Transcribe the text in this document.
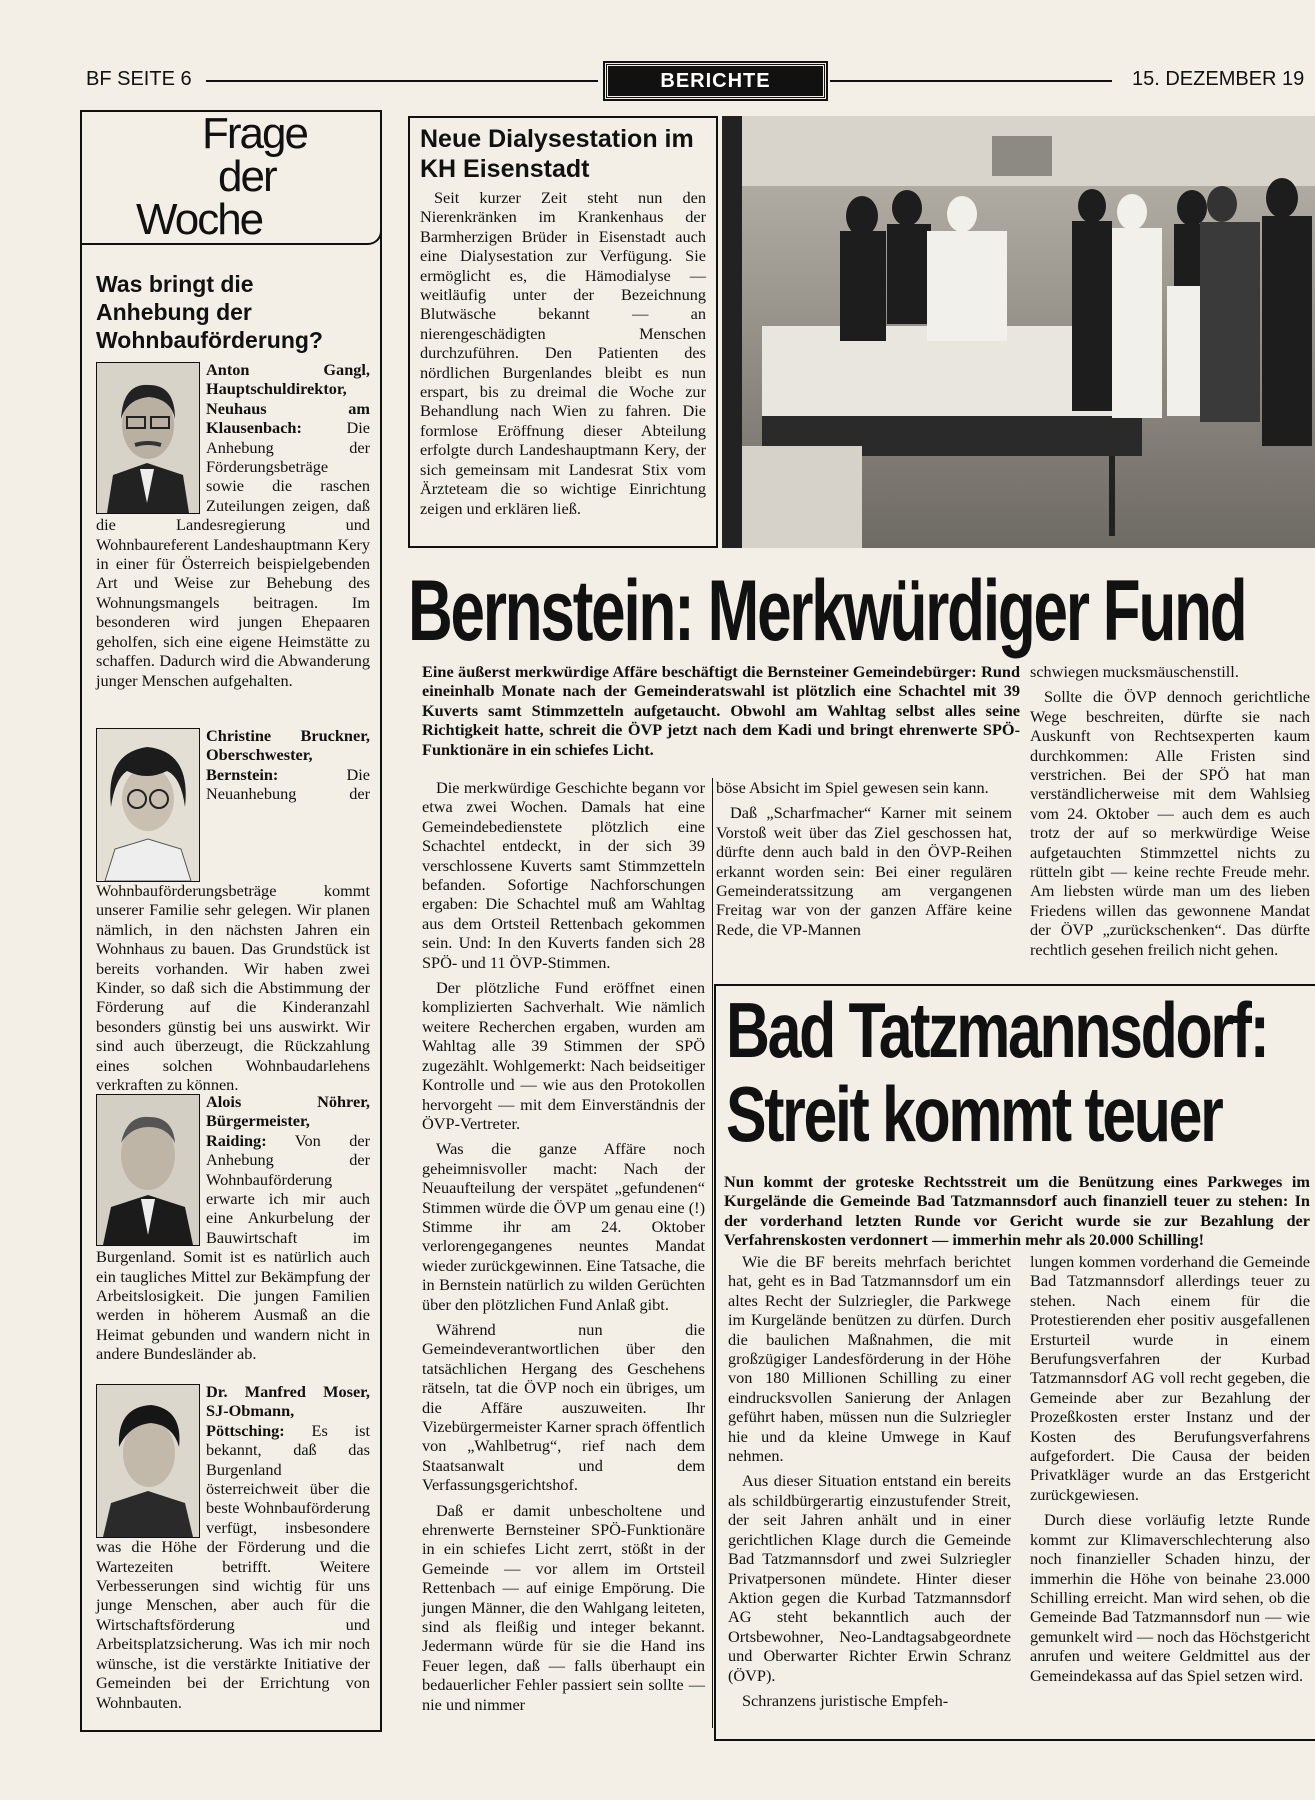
BF SEITE 6	BERICHTE	15. DEZEMBER 19
Frage
der
Woche
Was bringt die Anhebung der Wohnbauförderung?
Anton Gangl, Hauptschuldirektor, Neuhaus am Klausenbach:	Die Anhebung der Förderungsbeträge sowie die raschen Zuteilungen zeigen, daß die Landesregierung und Wohnbaureferent Landeshauptmann Kery in einer für Österreich beispielgebenden Art und Weise zur Behebung des Wohnungsmangels beitragen. Im besonderen wird jungen Ehepaaren geholfen, sich eine eigene Heimstätte zu schaffen. Dadurch wird die Abwanderung junger Menschen aufgehalten.
Christine Bruckner, Oberschwester, Bernstein:	Die Neuanhebung der Wohnbauförderungsbeträge kommt unserer Familie sehr gelegen. Wir planen nämlich, in den nächsten Jahren ein Wohnhaus zu bauen. Das Grundstück ist bereits vorhanden. Wir haben zwei Kinder, so daß sich die Abstimmung der Förderung auf die Kinderanzahl besonders günstig bei uns auswirkt. Wir sind auch überzeugt, die Rückzahlung eines solchen Wohnbaudarlehens verkraften zu können.
Alois Nöhrer, Bürgermeister, Raiding: Von der Anhebung der Wohnbauförderung erwarte ich mir auch eine Ankurbelung der Bauwirtschaft im Burgenland. Somit ist es natürlich auch ein taugliches Mittel zur Bekämpfung der Arbeitslosigkeit. Die jungen Familien werden in höherem Ausmaß an die Heimat gebunden und wandern nicht in andere Bundesländer ab.
Dr. Manfred Moser, SJ-Obmann, Pöttsching: Es ist bekannt, daß das Burgenland österreichweit über die beste Wohnbauförderung verfügt, insbesondere was die Höhe der Förderung und die Wartezeiten betrifft. Weitere Verbesserungen sind wichtig für uns junge Menschen, aber auch für die Wirtschaftsförderung und Arbeitsplatzsicherung. Was ich mir noch wünsche, ist die verstärkte Initiative der Gemeinden bei der Errichtung von Wohnbauten.
Neue Dialysestation im KH Eisenstadt
Seit kurzer Zeit steht nun den Nierenkränken im Krankenhaus der Barmherzigen Brüder in Eisenstadt auch eine Dialysestation zur Verfügung. Sie ermöglicht es, die Hämodialyse — weitläufig unter der Bezeichnung Blutwäsche bekannt — an nierengeschädigten Menschen durchzuführen. Den Patienten des nördlichen Burgenlandes bleibt es nun erspart, bis zu dreimal die Woche zur Behandlung nach Wien zu fahren. Die formlose Eröffnung dieser Abteilung erfolgte durch Landeshauptmann Kery, der sich gemeinsam mit Landesrat Stix vom Ärzteteam die so wichtige Einrichtung zeigen und erklären ließ.
Bernstein: Merkwürdiger Fund
Eine äußerst merkwürdige Affäre beschäftigt die Bernsteiner Gemeindebürger: Rund eineinhalb Monate nach der Gemeinderatswahl ist plötzlich eine Schachtel mit 39 Kuverts samt Stimmzetteln aufgetaucht. Obwohl am Wahltag selbst alles seine Richtigkeit hatte, schreit die ÖVP jetzt nach dem Kadi und bringt ehrenwerte SPÖ-Funktionäre in ein schiefes Licht.

Die merkwürdige Geschichte begann vor etwa zwei Wochen. Damals hat eine Gemeindebedienstete plötzlich eine Schachtel entdeckt, in der sich 39 verschlossene Kuverts samt Stimmzetteln befanden. Sofortige Nachforschungen ergaben: Die Schachtel muß am Wahltag aus dem Ortsteil Rettenbach gekommen sein. Und: In den Kuverts fanden sich 28 SPÖ- und 11 ÖVP-Stimmen.

Der plötzliche Fund eröffnet einen komplizierten Sachverhalt. Wie nämlich weitere Recherchen ergaben, wurden am Wahltag alle 39 Stimmen der SPÖ zugezählt. Wohlgemerkt: Nach beidseitiger Kontrolle und — wie aus den Protokollen hervorgeht — mit dem Einverständnis der ÖVP-Vertreter.

Was die ganze Affäre noch geheimnisvoller macht: Nach der Neuaufteilung der verspätet „gefundenen“ Stimmen würde die ÖVP um genau eine (!) Stimme ihr am 24. Oktober verlorengegangenes neuntes Mandat wieder zurückgewinnen. Eine Tatsache, die in Bernstein natürlich zu wilden Gerüchten über den plötzlichen Fund Anlaß gibt.

Während nun die Gemeindeverantwortlichen über den tatsächlichen Hergang des Geschehens rätseln, tat die ÖVP noch ein übriges, um die Affäre auszuweiten. Ihr Vizebürgermeister Karner sprach öffentlich von „Wahlbetrug“, rief nach dem Staatsanwalt und dem Verfassungsgerichtshof.

Daß er damit unbescholtene und ehrenwerte Bernsteiner SPÖ-Funktionäre in ein schiefes Licht zerrt, stößt in der Gemeinde — vor allem im Ortsteil Rettenbach — auf einige Empörung. Die jungen Männer, die den Wahlgang leiteten, sind als fleißig und integer bekannt. Jedermann würde für sie die Hand ins Feuer legen, daß — falls überhaupt ein bedauerlicher Fehler passiert sein sollte — nie und nimmer

böse Absicht im Spiel gewesen sein kann.

Daß „Scharfmacher“ Karner mit seinem Vorstoß weit über das Ziel geschossen hat, dürfte denn auch bald in den ÖVP-Reihen erkannt worden sein: Bei einer regulären Gemeinderatssitzung am vergangenen Freitag war von der ganzen Affäre keine Rede, die VP-Mannen

schwiegen mucksmäuschenstill.

Sollte die ÖVP dennoch gerichtliche Wege beschreiten, dürfte sie nach Auskunft von Rechtsexperten kaum durchkommen: Alle Fristen sind verstrichen. Bei der SPÖ hat man verständlicherweise mit dem Wahlsieg vom 24. Oktober — auch dem es auch trotz der auf so merkwürdige Weise aufgetauchten Stimmzettel nichts zu rütteln gibt — keine rechte Freude mehr. Am liebsten würde man um des lieben Friedens willen das gewonnene Mandat der ÖVP „zurückschenken“. Das dürfte rechtlich gesehen freilich nicht gehen.

Bad Tatzmannsdorf:
Streit kommt teuer
Nun kommt der groteske Rechtsstreit um die Benützung eines Parkweges im Kurgelände die Gemeinde Bad Tatzmannsdorf auch finanziell teuer zu stehen: In der vorderhand letzten Runde vor Gericht wurde sie zur Bezahlung der Verfahrenskosten verdonnert — immerhin mehr als 20.000 Schilling!

Wie die BF bereits mehrfach berichtet hat, geht es in Bad Tatzmannsdorf um ein altes Recht der Sulzriegler, die Parkwege im Kurgelände benützen zu dürfen. Durch die baulichen Maßnahmen, die mit großzügiger Landesförderung in der Höhe von 180 Millionen Schilling zu einer eindrucksvollen Sanierung der Anlagen geführt haben, müssen nun die Sulzriegler hie und da kleine Umwege in Kauf nehmen.

Aus dieser Situation entstand ein bereits als schildbürgerartig einzustufender Streit, der seit Jahren anhält und in einer gerichtlichen Klage durch die Gemeinde Bad Tatzmannsdorf und zwei Sulzriegler Privatpersonen mündete. Hinter dieser Aktion gegen die Kurbad Tatzmannsdorf AG steht bekanntlich auch der Ortsbewohner, Neo-Landtagsabgeordnete und Oberwarter Richter Erwin Schranz (ÖVP).

Schranzens juristische Empfeh-

lungen kommen vorderhand die Gemeinde Bad Tatzmannsdorf allerdings teuer zu stehen. Nach einem für die Protestierenden eher positiv ausgefallenen Ersturteil wurde in einem Berufungsverfahren der Kurbad Tatzmannsdorf AG voll recht gegeben, die Gemeinde aber zur Bezahlung der Prozeßkosten erster Instanz und der Kosten des Berufungsverfahrens aufgefordert. Die Causa der beiden Privatkläger wurde an das Erstgericht zurückgewiesen.

Durch diese vorläufig letzte Runde kommt zur Klimaverschlechterung also noch finanzieller Schaden hinzu, der immerhin die Höhe von beinahe 23.000 Schilling erreicht. Man wird sehen, ob die Gemeinde Bad Tatzmannsdorf nun — wie gemunkelt wird — noch das Höchstgericht anrufen und weitere Geldmittel aus der Gemeindekassa auf das Spiel setzen wird.
